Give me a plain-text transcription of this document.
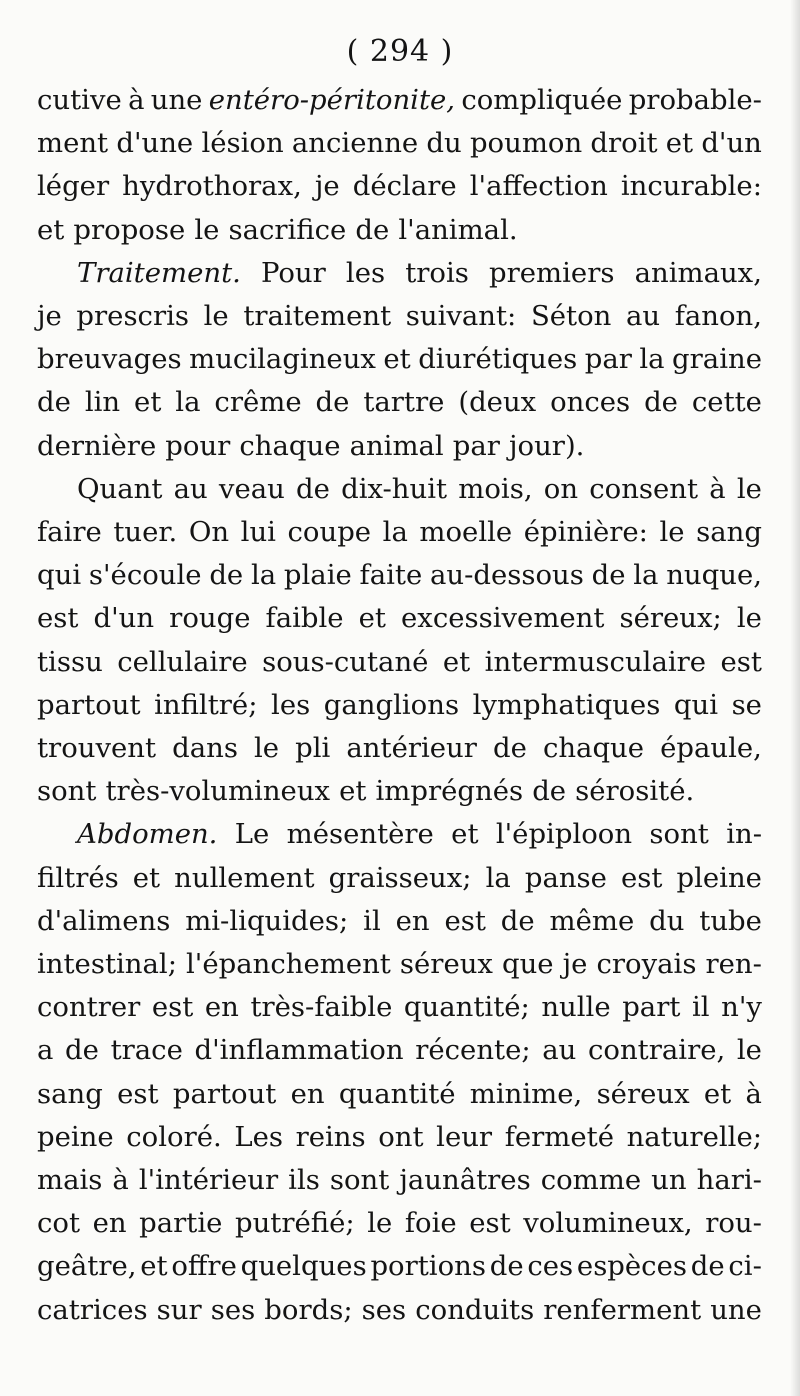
( 294 )
cutive à une entéro-péritonite, compliquée probable-
ment d'une lésion ancienne du poumon droit et d'un
léger hydrothorax, je déclare l'affection incurable:
et propose le sacrifice de l'animal.
Traitement. Pour les trois premiers animaux,
je prescris le traitement suivant: Séton au fanon,
breuvages mucilagineux et diurétiques par la graine
de lin et la crême de tartre (deux onces de cette
dernière pour chaque animal par jour).
Quant au veau de dix-huit mois, on consent à le
faire tuer. On lui coupe la moelle épinière: le sang
qui s'écoule de la plaie faite au-dessous de la nuque,
est d'un rouge faible et excessivement séreux; le
tissu cellulaire sous-cutané et intermusculaire est
partout infiltré; les ganglions lymphatiques qui se
trouvent dans le pli antérieur de chaque épaule,
sont très-volumineux et imprégnés de sérosité.
Abdomen. Le mésentère et l'épiploon sont in-
filtrés et nullement graisseux; la panse est pleine
d'alimens mi-liquides; il en est de même du tube
intestinal; l'épanchement séreux que je croyais ren-
contrer est en très-faible quantité; nulle part il n'y
a de trace d'inflammation récente; au contraire, le
sang est partout en quantité minime, séreux et à
peine coloré. Les reins ont leur fermeté naturelle;
mais à l'intérieur ils sont jaunâtres comme un hari-
cot en partie putréfié; le foie est volumineux, rou-
geâtre, et offre quelques portions de ces espèces de ci-
catrices sur ses bords; ses conduits renferment une
